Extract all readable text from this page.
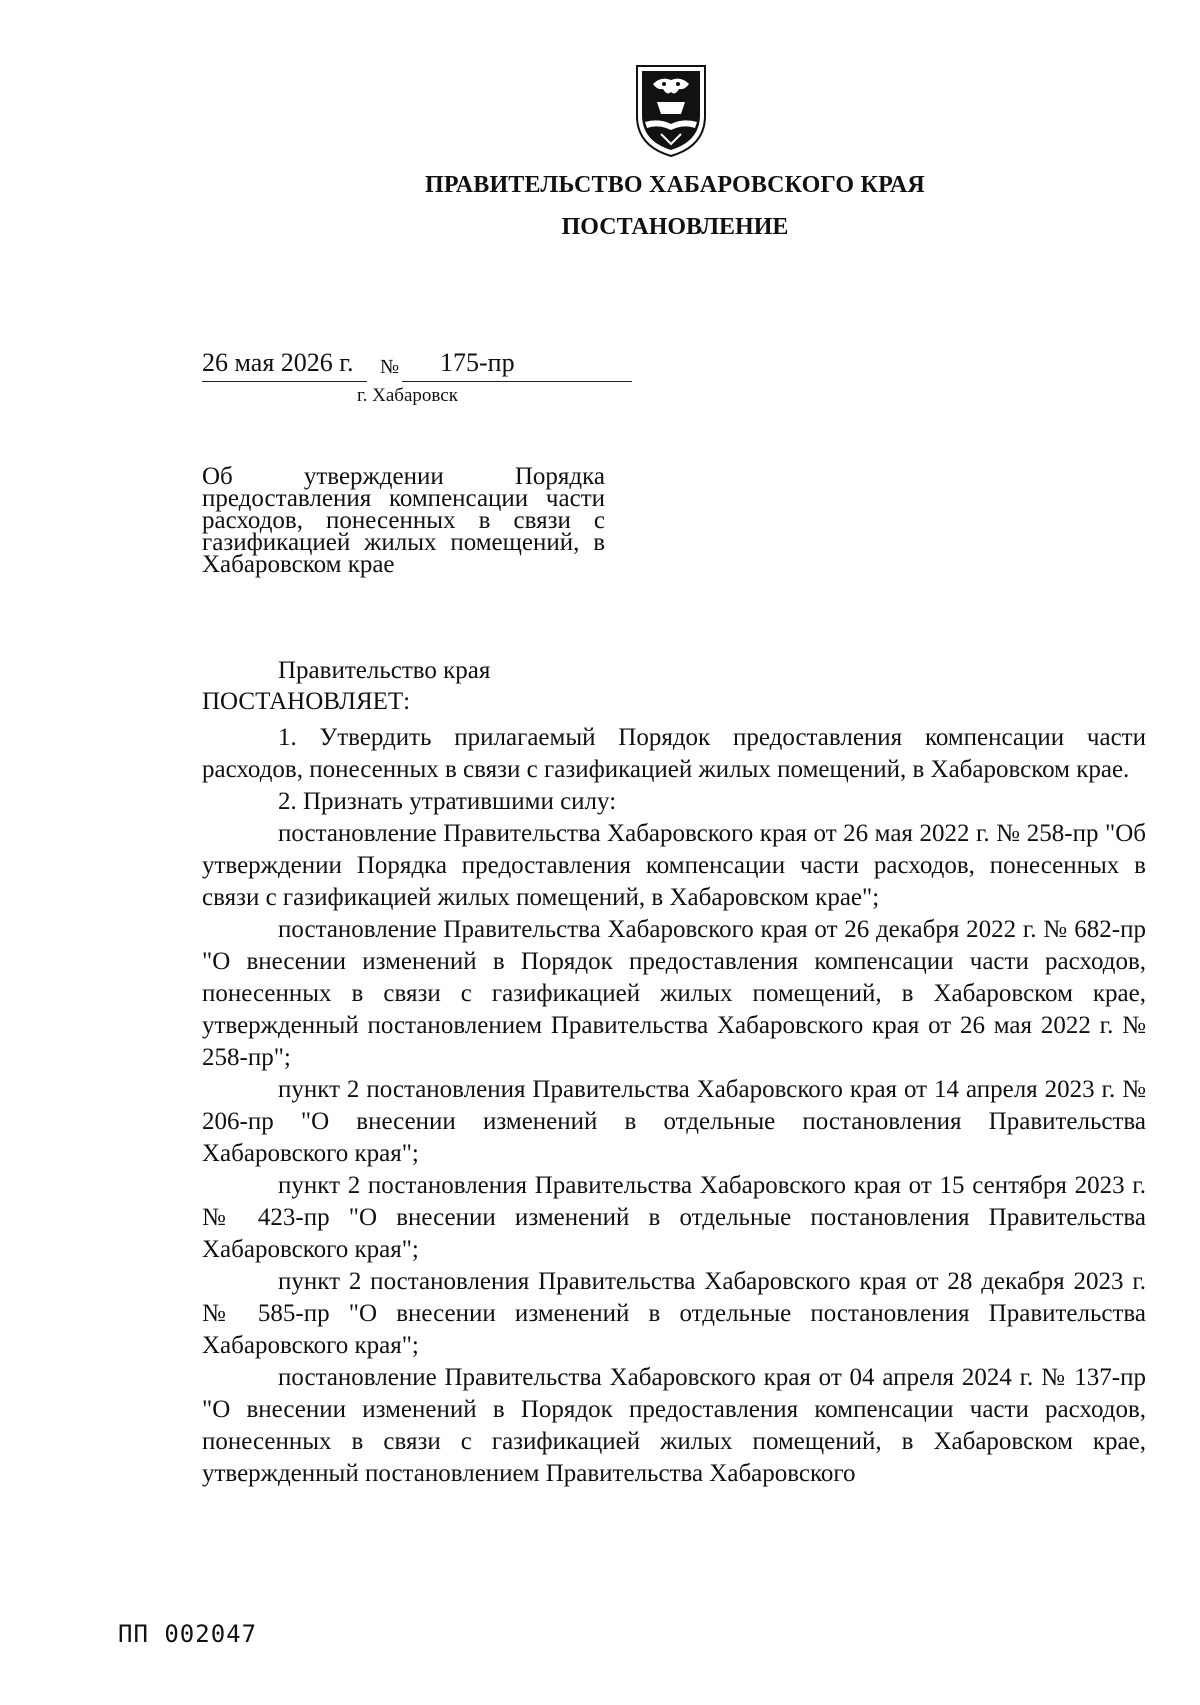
ПРАВИТЕЛЬСТВО ХАБАРОВСКОГО КРАЯ
ПОСТАНОВЛЕНИЕ
26 мая 2026 г. № 175-пр
г. Хабаровск
Об утверждении Порядка предоставления компенсации части расходов, понесенных в связи с газификацией жилых помещений, в Хабаровском крае
Правительство края
ПОСТАНОВЛЯЕТ:

1. Утвердить прилагаемый Порядок предоставления компенсации части расходов, понесенных в связи с газификацией жилых помещений, в Хабаровском крае.

2. Признать утратившими силу:

постановление Правительства Хабаровского края от 26 мая 2022 г. № 258-пр "Об утверждении Порядка предоставления компенсации части расходов, понесенных в связи с газификацией жилых помещений, в Хабаровском крае";

постановление Правительства Хабаровского края от 26 декабря 2022 г. № 682-пр "О внесении изменений в Порядок предоставления компенсации части расходов, понесенных в связи с газификацией жилых помещений, в Хабаровском крае, утвержденный постановлением Правительства Хабаровского края от 26 мая 2022 г. № 258-пр";

пункт 2 постановления Правительства Хабаровского края от 14 апреля 2023 г. № 206-пр "О внесении изменений в отдельные постановления Правительства Хабаровского края";

пункт 2 постановления Правительства Хабаровского края от 15 сентября 2023 г. № 423-пр "О внесении изменений в отдельные постановления Правительства Хабаровского края";

пункт 2 постановления Правительства Хабаровского края от 28 декабря 2023 г. № 585-пр "О внесении изменений в отдельные постановления Правительства Хабаровского края";

постановление Правительства Хабаровского края от 04 апреля 2024 г. № 137-пр "О внесении изменений в Порядок предоставления компенсации части расходов, понесенных в связи с газификацией жилых помещений, в Хабаровском крае, утвержденный постановлением Правительства Хабаровского

ПП 002047
